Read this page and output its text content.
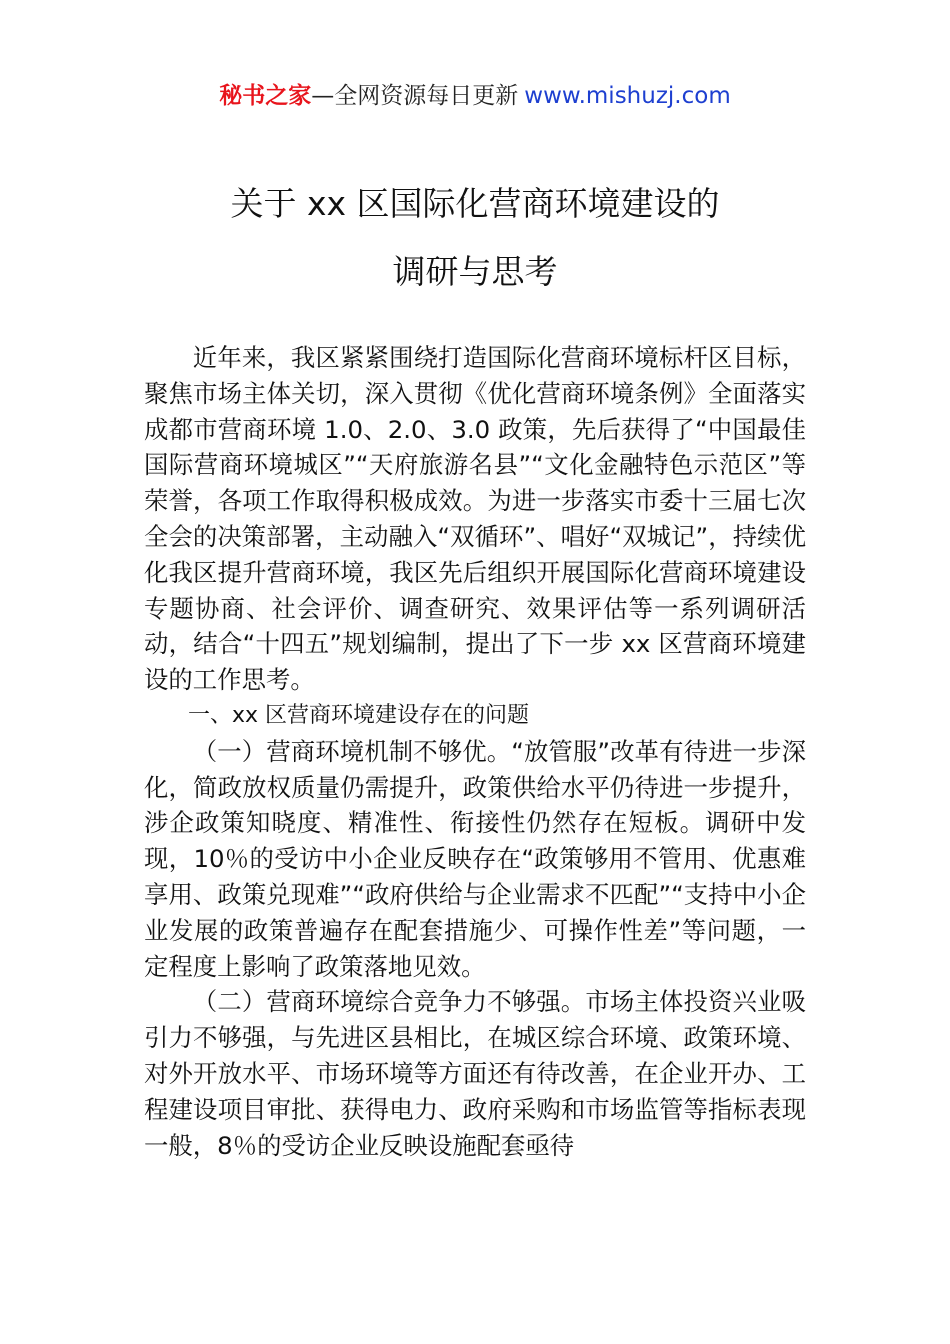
秘书之家—全网资源每日更新 www.mishuzj.com
关于 xx 区国际化营商环境建设的
调研与思考

近年来，我区紧紧围绕打造国际化营商环境标杆区目标，聚焦市场主体关切，深入贯彻《优化营商环境条例》全面落实成都市营商环境 1.0、2.0、3.0 政策，先后获得了“中国最佳国际营商环境城区”“天府旅游名县”“文化金融特色示范区”等荣誉，各项工作取得积极成效。为进一步落实市委十三届七次全会的决策部署，主动融入“双循环”、唱好“双城记”，持续优化我区提升营商环境，我区先后组织开展国际化营商环境建设专题协商、社会评价、调查研究、效果评估等一系列调研活动，结合“十四五”规划编制，提出了下一步 xx 区营商环境建设的工作思考。

一、xx 区营商环境建设存在的问题

（一）营商环境机制不够优。“放管服”改革有待进一步深化，简政放权质量仍需提升，政策供给水平仍待进一步提升，涉企政策知晓度、精准性、衔接性仍然存在短板。调研中发现，10％的受访中小企业反映存在“政策够用不管用、优惠难享用、政策兑现难”“政府供给与企业需求不匹配”“支持中小企业发展的政策普遍存在配套措施少、可操作性差”等问题，一定程度上影响了政策落地见效。

（二）营商环境综合竞争力不够强。市场主体投资兴业吸引力不够强，与先进区县相比，在城区综合环境、政策环境、对外开放水平、市场环境等方面还有待改善，在企业开办、工程建设项目审批、获得电力、政府采购和市场监管等指标表现一般，8％的受访企业反映设施配套亟待
